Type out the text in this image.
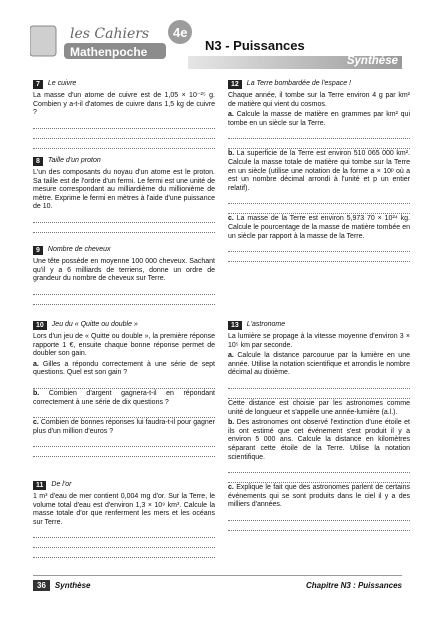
les Cahiers
Mathenpoche
4e
N3 - Puissances
Synthèse
7	Le cuivre

La masse d'un atome de cuivre est de 1,05 × 10⁻²⁵ g. Combien y a-t-il d'atomes de cuivre dans 1,5 kg de cuivre ?

8	Taille d'un proton

L'un des composants du noyau d'un atome est le proton. Sa taille est de l'ordre d'un fermi. Le fermi est une unité de mesure correspondant au milliardième du millionième de mètre. Exprime le fermi en mètres à l'aide d'une puissance de 10.

9	Nombre de cheveux

Une tête possède en moyenne 100 000 cheveux. Sachant qu'il y a 6 milliards de terriens, donne un ordre de grandeur du nombre de cheveux sur Terre.

10	Jeu du « Quitte ou double »

Lors d'un jeu de « Quitte ou double », la première réponse rapporte 1 €, ensuite chaque bonne réponse permet de doubler son gain.

a. Gilles a répondu correctement à une série de sept questions. Quel est son gain ?

b. Combien d'argent gagnera-t-il en répondant correctement à une série de dix questions ?

c. Combien de bonnes réponses lui faudra-t-il pour gagner plus d'un million d'euros ?

11	De l'or

1 m³ d'eau de mer contient 0,004 mg d'or. Sur la Terre, le volume total d'eau est d'environ 1,3 × 10⁹ km³. Calcule la masse totale d'or que renferment les mers et les océans sur Terre.

12	La Terre bombardée de l'espace !

Chaque année, il tombe sur la Terre environ 4 g par km² de matière qui vient du cosmos.

a. Calcule la masse de matière en grammes par km² qui tombe en un siècle sur la Terre.

b. La superficie de la Terre est environ 510 065 000 km². Calcule la masse totale de matière qui tombe sur la Terre en un siècle (utilise une notation de la forme a × 10ᵖ où a est un nombre décimal arrondi à l'unité et p un entier relatif).

c. La masse de la Terre est environ 5,973 70 × 10²⁴ kg. Calcule le pourcentage de la masse de matière tombée en un siècle par rapport à la masse de la Terre.

13	L'astronome

La lumière se propage à la vitesse moyenne d'environ 3 × 10⁵ km par seconde.

a. Calcule la distance parcourue par la lumière en une année. Utilise la notation scientifique et arrondis le nombre décimal au dixième.

Cette distance est choisie par les astronomes comme unité de longueur et s'appelle une année-lumière (a.l.).

b. Des astronomes ont observé l'extinction d'une étoile et ils ont estimé que cet événement s'est produit il y a environ 5 000 ans. Calcule la distance en kilomètres séparant cette étoile de la Terre. Utilise la notation scientifique.

c. Explique le fait que des astronomes parlent de certains événements qui se sont produits dans le ciel il y a des milliers d'années.

36	Synthèse	Chapitre N3 : Puissances
